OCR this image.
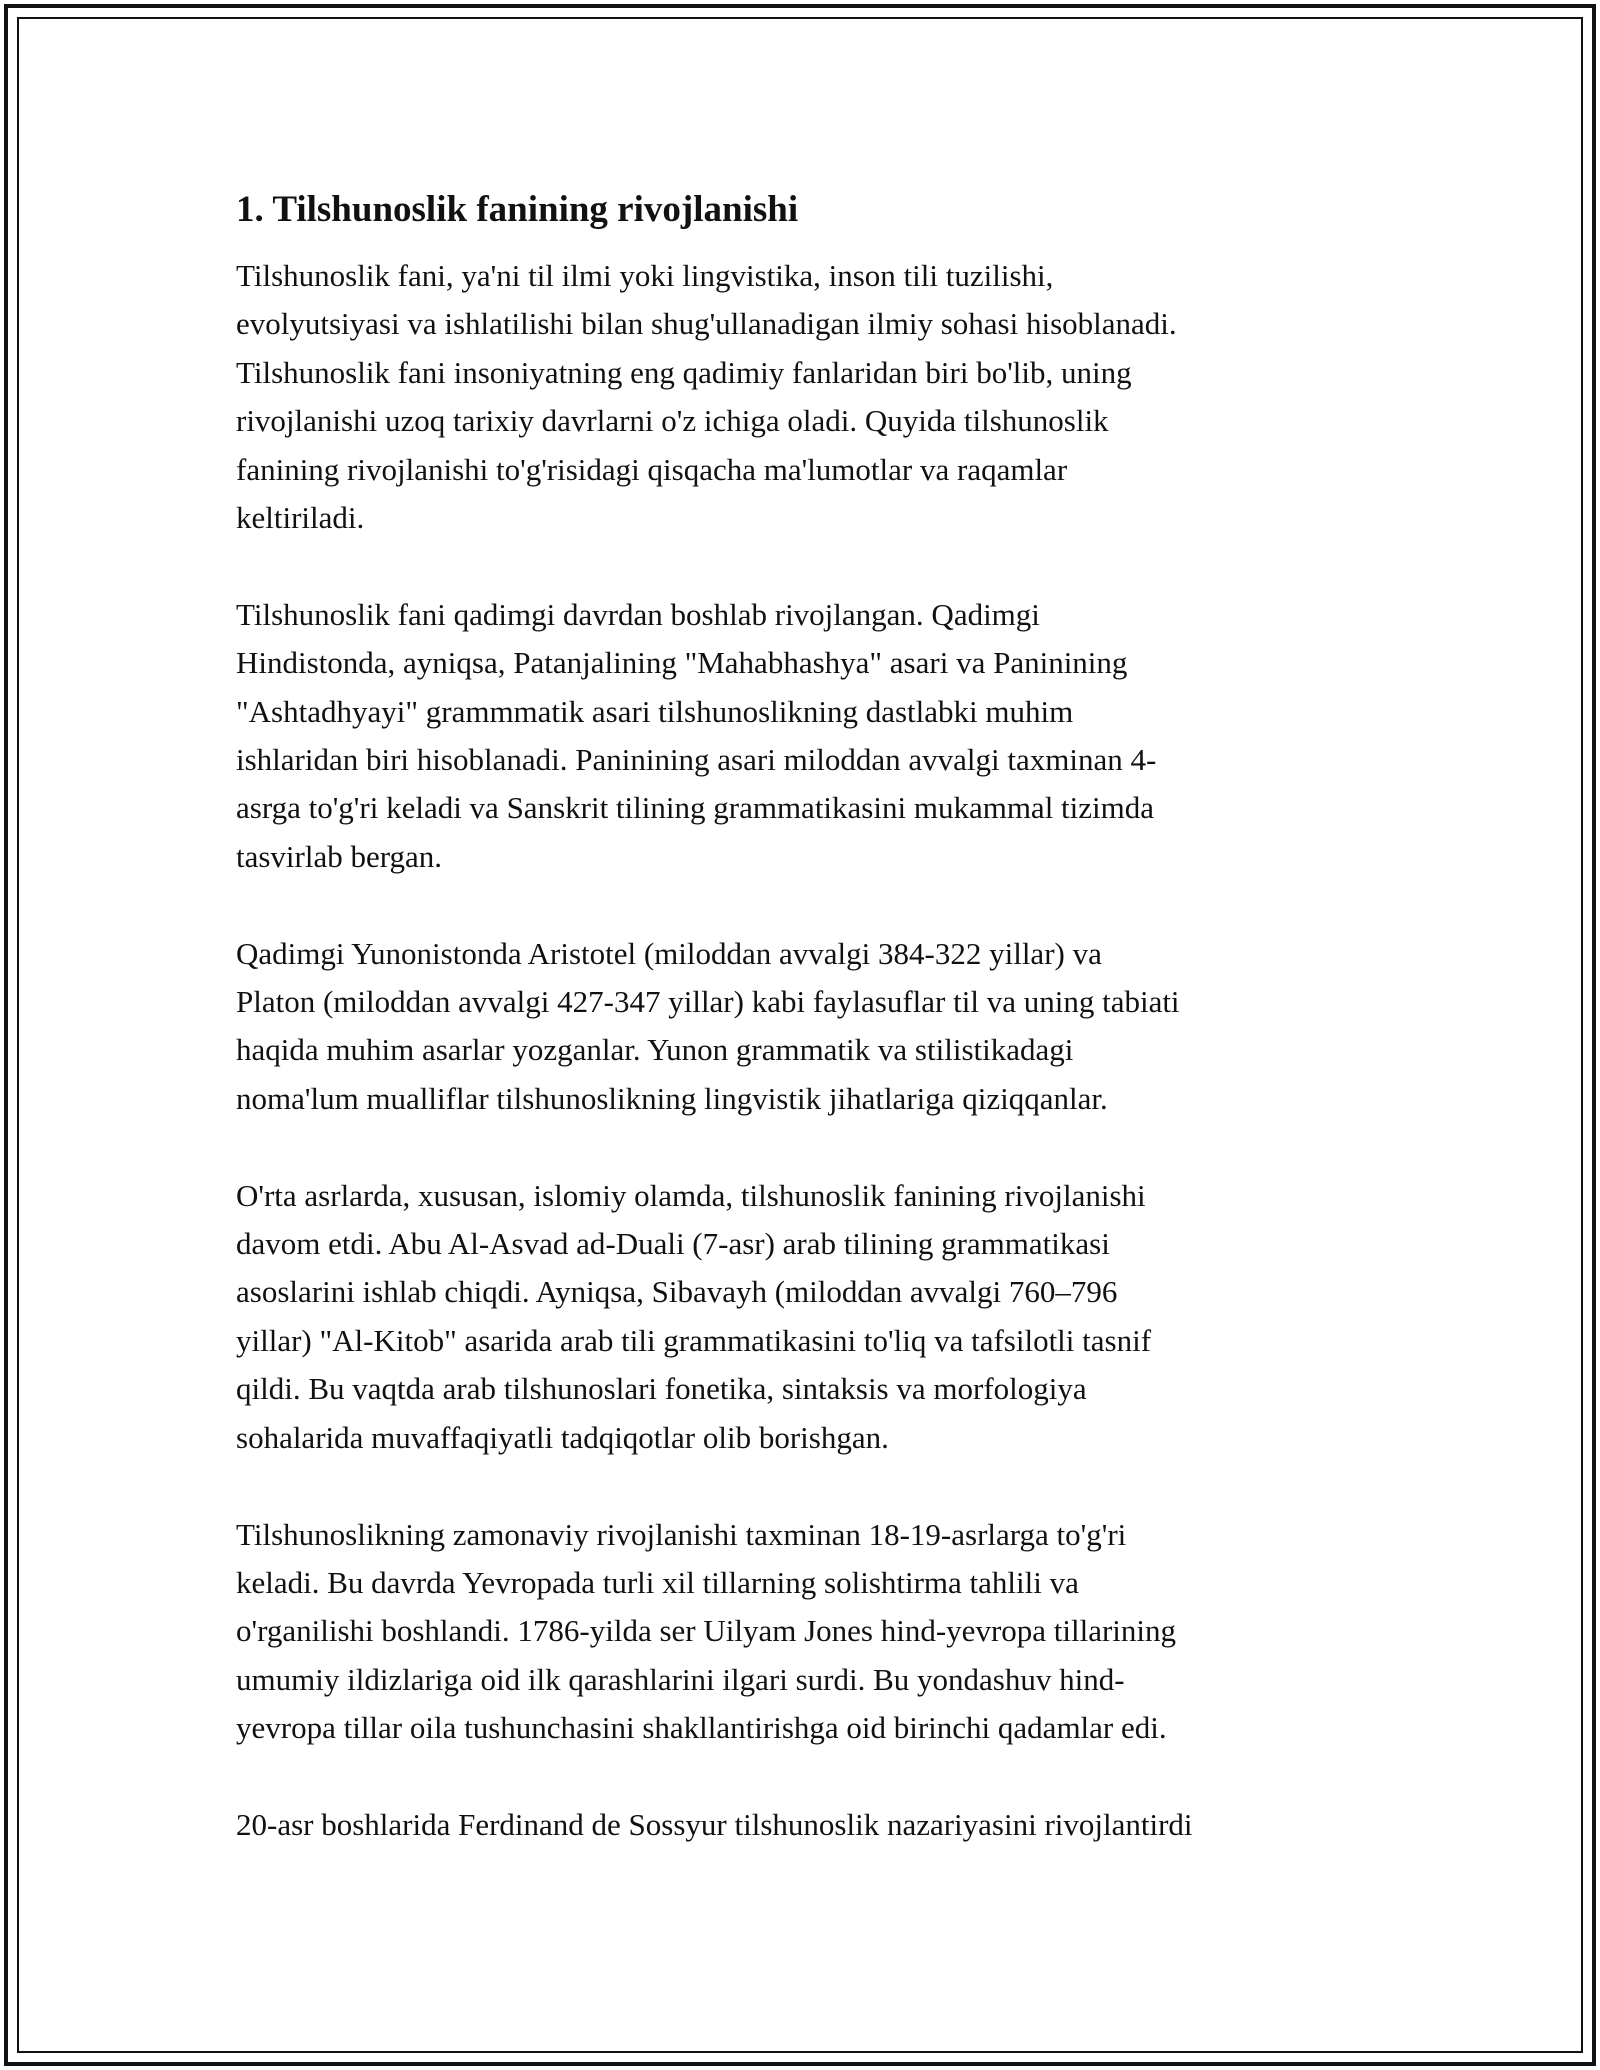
1. Tilshunoslik fanining rivojlanishi

Tilshunoslik fani, ya'ni til ilmi yoki lingvistika, inson tili tuzilishi,
evolyutsiyasi va ishlatilishi bilan shug'ullanadigan ilmiy sohasi hisoblanadi.
Tilshunoslik fani insoniyatning eng qadimiy fanlaridan biri bo'lib, uning
rivojlanishi uzoq tarixiy davrlarni o'z ichiga oladi. Quyida tilshunoslik
fanining rivojlanishi to'g'risidagi qisqacha ma'lumotlar va raqamlar
keltiriladi.

Tilshunoslik fani qadimgi davrdan boshlab rivojlangan. Qadimgi
Hindistonda, ayniqsa, Patanjalining "Mahabhashya" asari va Paninining
"Ashtadhyayi" grammmatik asari tilshunoslikning dastlabki muhim
ishlaridan biri hisoblanadi. Paninining asari miloddan avvalgi taxminan 4-
asrga to'g'ri keladi va Sanskrit tilining grammatikasini mukammal tizimda
tasvirlab bergan.

Qadimgi Yunonistonda Aristotel (miloddan avvalgi 384-322 yillar) va
Platon (miloddan avvalgi 427-347 yillar) kabi faylasuflar til va uning tabiati
haqida muhim asarlar yozganlar. Yunon grammatik va stilistikadagi
noma'lum mualliflar tilshunoslikning lingvistik jihatlariga qiziqqanlar.

O'rta asrlarda, xususan, islomiy olamda, tilshunoslik fanining rivojlanishi
davom etdi. Abu Al-Asvad ad-Duali (7-asr) arab tilining grammatikasi
asoslarini ishlab chiqdi. Ayniqsa, Sibavayh (miloddan avvalgi 760–796
yillar) "Al-Kitob" asarida arab tili grammatikasini to'liq va tafsilotli tasnif
qildi. Bu vaqtda arab tilshunoslari fonetika, sintaksis va morfologiya
sohalarida muvaffaqiyatli tadqiqotlar olib borishgan.

Tilshunoslikning zamonaviy rivojlanishi taxminan 18-19-asrlarga to'g'ri
keladi. Bu davrda Yevropada turli xil tillarning solishtirma tahlili va
o'rganilishi boshlandi. 1786-yilda ser Uilyam Jones hind-yevropa tillarining
umumiy ildizlariga oid ilk qarashlarini ilgari surdi. Bu yondashuv hind-
yevropa tillar oila tushunchasini shakllantirishga oid birinchi qadamlar edi.

20-asr boshlarida Ferdinand de Sossyur tilshunoslik nazariyasini rivojlantirdi
